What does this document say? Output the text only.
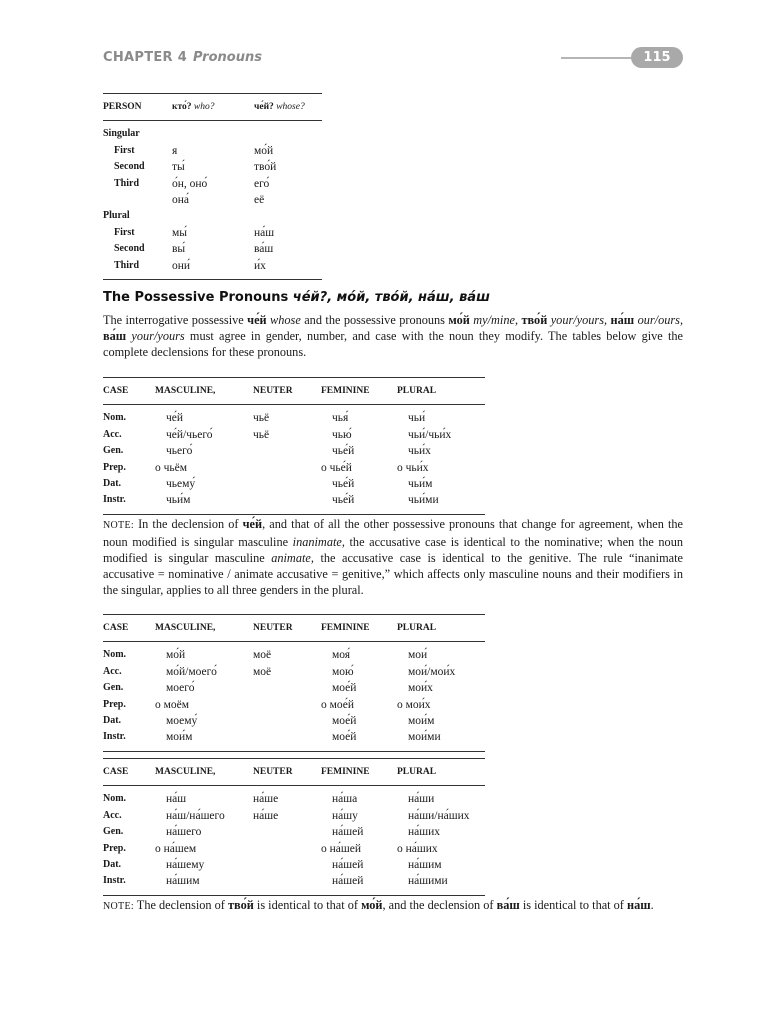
CHAPTER 4 Pronouns	115
PERSON	кто́? who?	че́й? whose?
Singular		
First	я	мо́й
Second	ты́	тво́й
Third	о́н, оно́	его́
	она́	её
Plural		
First	мы́	на́ш
Second	вы́	ва́ш
Third	они́	и́х
The Possessive Pronouns че́й?, мо́й, тво́й, на́ш, ва́ш

The interrogative possessive че́й whose and the possessive pronouns мо́й my/mine, тво́й your/yours, на́ш our/ours, ва́ш your/yours must agree in gender, number, and case with the noun they modify. The tables below give the complete declensions for these pronouns.

CASE	MASCULINE,	NEUTER	FEMININE	PLURAL
Nom.	че́й	чьё	чья́	чьи́
Acc.	че́й/чьего́	чьё	чью́	чьи́/чьи́х
Gen.	чьего́		чье́й	чьи́х
Prep.	о чьём		о чье́й	о чьи́х
Dat.	чьему́		чье́й	чьи́м
Instr.	чьи́м		чье́й	чьи́ми

NOTE: In the declension of че́й, and that of all the other possessive pronouns that change for agreement, when the noun modified is singular masculine inanimate, the accusative case is identical to the nominative; when the noun modified is singular masculine animate, the accusative case is identical to the genitive. The rule “inanimate accusative = nominative / animate accusative = genitive,” which affects only masculine nouns and their modifiers in the singular, applies to all three genders in the plural.

CASE	MASCULINE,	NEUTER	FEMININE	PLURAL
Nom.	мо́й	моё	моя́	мои́
Acc.	мо́й/моего́	моё	мою́	мои́/мои́х
Gen.	моего́		мое́й	мои́х
Prep.	о моём		о мое́й	о мои́х
Dat.	моему́		мое́й	мои́м
Instr.	мои́м		мое́й	мои́ми
CASE	MASCULINE,	NEUTER	FEMININE	PLURAL
Nom.	на́ш	на́ше	на́ша	на́ши
Acc.	на́ш/на́шего	на́ше	на́шу	на́ши/на́ших
Gen.	на́шего		на́шей	на́ших
Prep.	о на́шем		о на́шей	о на́ших
Dat.	на́шему		на́шей	на́шим
Instr.	на́шим		на́шей	на́шими

NOTE: The declension of тво́й is identical to that of мо́й, and the declension of ва́ш is identical to that of на́ш.
